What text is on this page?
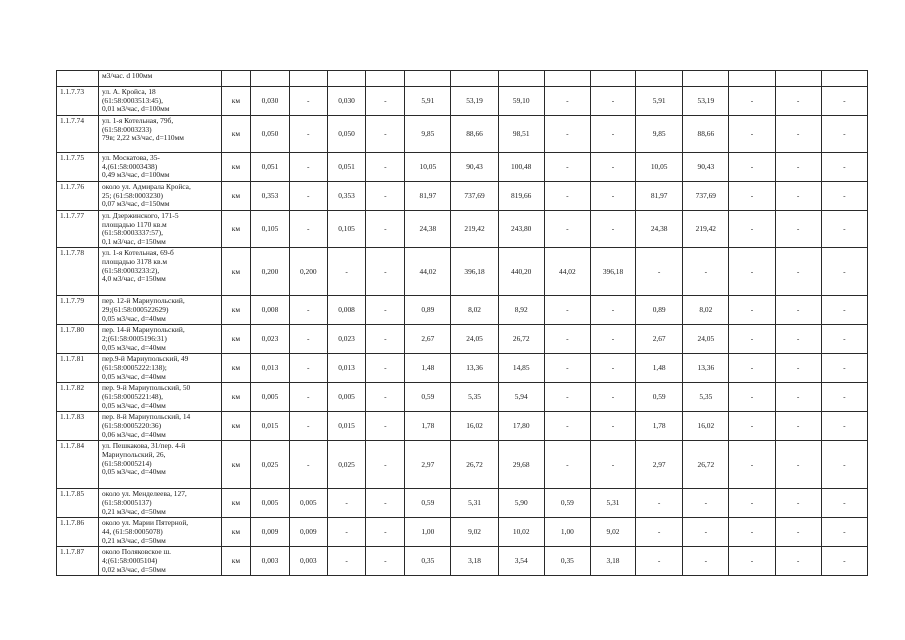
	м3/час. d 100мм															
1.1.7.73	ул. А. Кройса, 18
(61:58:0003513:45),
0,01 м3/час, d=100мм	км	0,030	-	0,030	-	5,91	53,19	59,10	-	-	5,91	53,19	-	-	-
1.1.7.74	ул. 1-я Котельная, 79б,
(61:58:0003233)
79в; 2,22 м3/час, d=110мм	км	0,050	-	0,050	-	9,85	88,66	98,51	-	-	9,85	88,66	-	-	-
1.1.7.75	ул. Москатова, 35-
4,(61:58:0003438)
0,49 м3/час, d=100мм	км	0,051	-	0,051	-	10,05	90,43	100,48	-	-	10,05	90,43	-	-	-
1.1.7.76	около ул. Адмирала Кройса,
25; (61:58:0003230)
0,07 м3/час, d=150мм	км	0,353	-	0,353	-	81,97	737,69	819,66	-	-	81,97	737,69	-	-	-
1.1.7.77	ул. Дзержинского, 171-5
площадью 1170 кв.м
(61:58:0003337:57),
0,1 м3/час, d=150мм	км	0,105	-	0,105	-	24,38	219,42	243,80	-	-	24,38	219,42	-	-	-
1.1.7.78	ул. 1-я Котельная, 69-б
площадью 3178 кв.м
(61:58:0003233:2),
4,0 м3/час, d=150мм	км	0,200	0,200	-	-	44,02	396,18	440,20	44,02	396,18	-	-	-	-	-
1.1.7.79	пер. 12-й Мариупольский,
29;(61:58:000522629)
0,05 м3/час, d=40мм	км	0,008	-	0,008	-	0,89	8,02	8,92	-	-	0,89	8,02	-	-	-
1.1.7.80	пер. 14-й Мариупольский,
2;(61:58:0005196:31)
0,05 м3/час, d=40мм	км	0,023	-	0,023	-	2,67	24,05	26,72	-	-	2,67	24,05	-	-	-
1.1.7.81	пер.9-й Мариупольский, 49
(61:58:0005222:138);
0,05 м3/час, d=40мм	км	0,013	-	0,013	-	1,48	13,36	14,85	-	-	1,48	13,36	-	-	-
1.1.7.82	пер. 9-й Мариупольский, 50
(61:58:0005221:48),
0,05 м3/час, d=40мм	км	0,005	-	0,005	-	0,59	5,35	5,94	-	-	0,59	5,35	-	-	-
1.1.7.83	пер. 8-й Мариупольский, 14
(61:58:0005220:36)
0,06 м3/час, d=40мм	км	0,015	-	0,015	-	1,78	16,02	17,80	-	-	1,78	16,02	-	-	-
1.1.7.84	ул. Пешкакова, 31/пер. 4-й
Мариупольский, 26,
(61:58:0005214)
0,05 м3/час, d=40мм	км	0,025	-	0,025	-	2,97	26,72	29,68	-	-	2,97	26,72	-	-	-
1.1.7.85	около ул. Менделеева, 127,
(61:58:0005137)
0,21 м3/час, d=50мм	км	0,005	0,005	-	-	0,59	5,31	5,90	0,59	5,31	-	-	-	-	-
1.1.7.86	около ул. Марии Пятерной,
44, (61:58:0005078)
0,21 м3/час, d=50мм	км	0,009	0,009	-	-	1,00	9,02	10,02	1,00	9,02	-	-	-	-	-
1.1.7.87	около Поляковское ш.
4;(61:58:0005104)
0,02 м3/час, d=50мм	км	0,003	0,003	-	-	0,35	3,18	3,54	0,35	3,18	-	-	-	-	-
